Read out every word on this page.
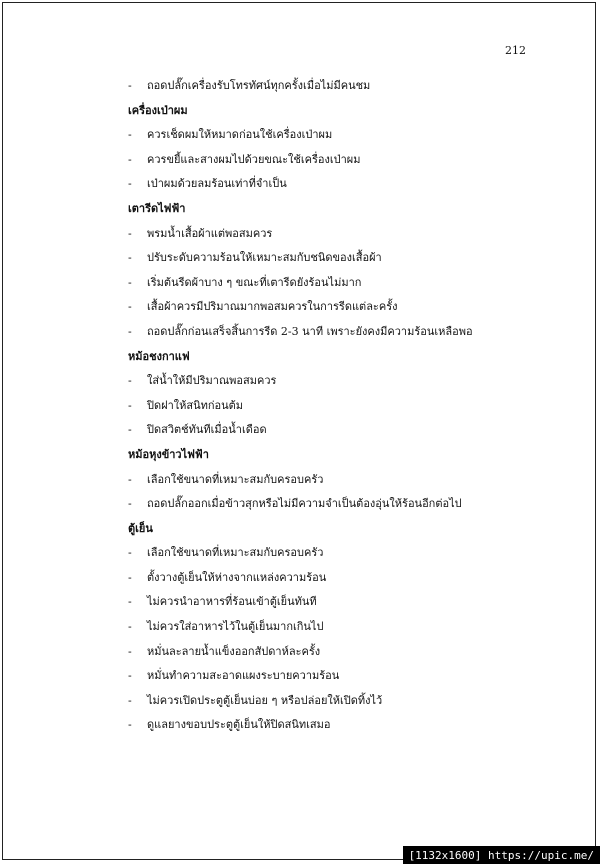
212
- ถอดปลั๊กเครื่องรับโทรทัศน์ทุกครั้งเมื่อไม่มีคนชม
เครื่องเป่าผม
- ควรเช็ดผมให้หมาดก่อนใช้เครื่องเป่าผม
- ควรขยี้และสางผมไปด้วยขณะใช้เครื่องเป่าผม
- เป่าผมด้วยลมร้อนเท่าที่จำเป็น
เตารีดไฟฟ้า
- พรมน้ำเสื้อผ้าแต่พอสมควร
- ปรับระดับความร้อนให้เหมาะสมกับชนิดของเสื้อผ้า
- เริ่มต้นรีดผ้าบาง ๆ ขณะที่เตารีดยังร้อนไม่มาก
- เสื้อผ้าควรมีปริมาณมากพอสมควรในการรีดแต่ละครั้ง
- ถอดปลั๊กก่อนเสร็จสิ้นการรีด 2-3 นาที เพราะยังคงมีความร้อนเหลือพอ
หม้อชงกาแฟ
- ใส่น้ำให้มีปริมาณพอสมควร
- ปิดฝาให้สนิทก่อนต้ม
- ปิดสวิตช์ทันทีเมื่อน้ำเดือด
หม้อหุงข้าวไฟฟ้า
- เลือกใช้ขนาดที่เหมาะสมกับครอบครัว
- ถอดปลั๊กออกเมื่อข้าวสุกหรือไม่มีความจำเป็นต้องอุ่นให้ร้อนอีกต่อไป
ตู้เย็น
- เลือกใช้ขนาดที่เหมาะสมกับครอบครัว
- ตั้งวางตู้เย็นให้ห่างจากแหล่งความร้อน
- ไม่ควรนำอาหารที่ร้อนเข้าตู้เย็นทันที
- ไม่ควรใส่อาหารไว้ในตู้เย็นมากเกินไป
- หมั่นละลายน้ำแข็งออกสัปดาห์ละครั้ง
- หมั่นทำความสะอาดแผงระบายความร้อน
- ไม่ควรเปิดประตูตู้เย็นบ่อย ๆ หรือปล่อยให้เปิดทิ้งไว้
- ดูแลยางขอบประตูตู้เย็นให้ปิดสนิทเสมอ
[1132x1600] https://upic.me/
